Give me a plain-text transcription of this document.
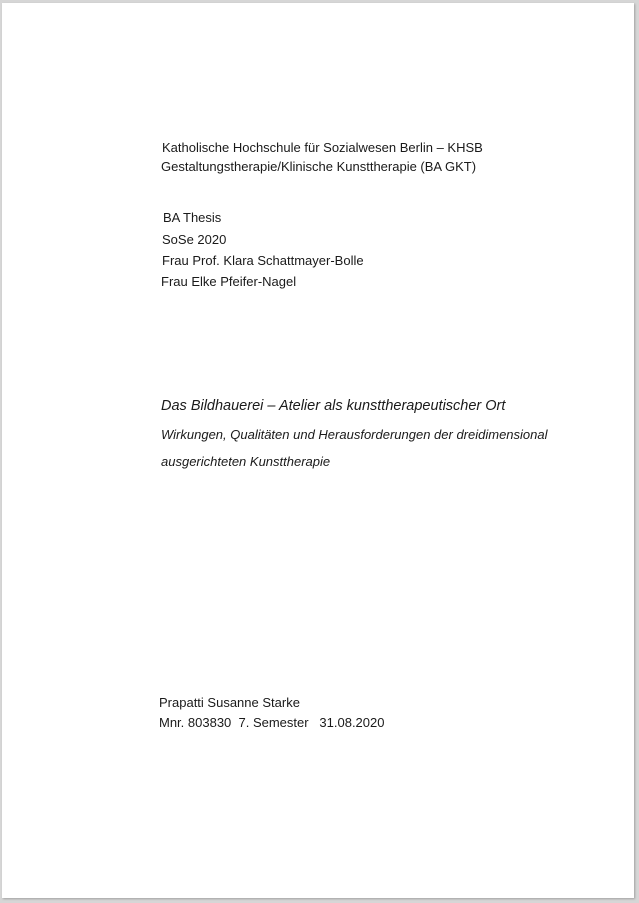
Katholische Hochschule für Sozialwesen Berlin – KHSB
Gestaltungstherapie/Klinische Kunsttherapie (BA GKT)
BA Thesis
SoSe 2020
Frau Prof. Klara Schattmayer-Bolle
Frau Elke Pfeifer-Nagel
Das Bildhauerei – Atelier als kunsttherapeutischer Ort
Wirkungen, Qualitäten und Herausforderungen der dreidimensional
ausgerichteten Kunsttherapie
Prapatti Susanne Starke
Mnr. 803830  7. Semester   31.08.2020
